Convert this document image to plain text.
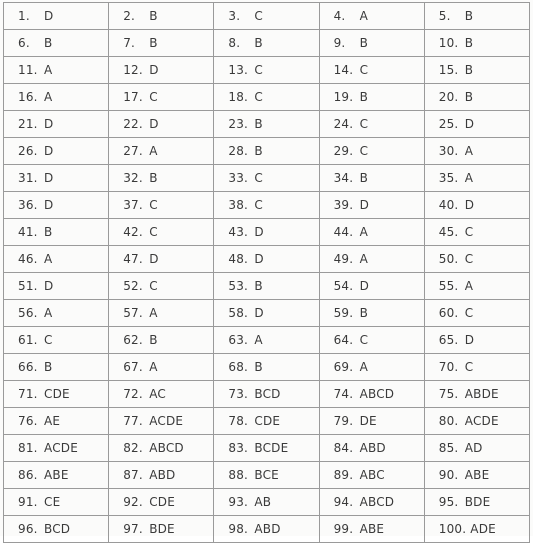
1. D	2. B	3. C	4. A	5. B
6. B	7. B	8. B	9. B	10. B
11. A	12. D	13. C	14. C	15. B
16. A	17. C	18. C	19. B	20. B
21. D	22. D	23. B	24. C	25. D
26. D	27. A	28. B	29. C	30. A
31. D	32. B	33. C	34. B	35. A
36. D	37. C	38. C	39. D	40. D
41. B	42. C	43. D	44. A	45. C
46. A	47. D	48. D	49. A	50. C
51. D	52. C	53. B	54. D	55. A
56. A	57. A	58. D	59. B	60. C
61. C	62. B	63. A	64. C	65. D
66. B	67. A	68. B	69. A	70. C
71. CDE	72. AC	73. BCD	74. ABCD	75. ABDE
76. AE	77. ACDE	78. CDE	79. DE	80. ACDE
81. ACDE	82. ABCD	83. BCDE	84. ABD	85. AD
86. ABE	87. ABD	88. BCE	89. ABC	90. ABE
91. CE	92. CDE	93. AB	94. ABCD	95. BDE
96. BCD	97. BDE	98. ABD	99. ABE	100. ADE
